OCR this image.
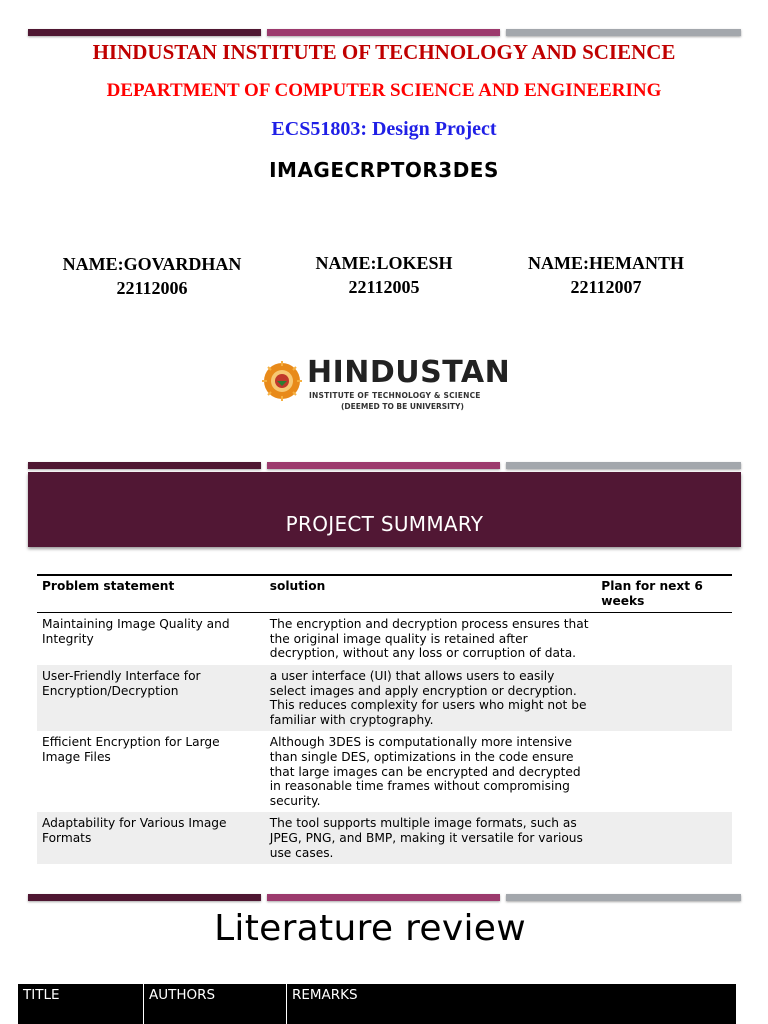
HINDUSTAN INSTITUTE OF TECHNOLOGY AND SCIENCE
DEPARTMENT OF COMPUTER SCIENCE AND ENGINEERING
ECS51803: Design Project
IMAGECRPTOR3DES
NAME:GOVARDHAN
22112006
NAME:LOKESH
22112005
NAME:HEMANTH
22112007
HINDUSTAN
INSTITUTE OF TECHNOLOGY & SCIENCE
(DEEMED TO BE UNIVERSITY)
PROJECT SUMMARY
Problem statement	solution	Plan for next 6 weeks
Maintaining Image Quality and Integrity	The encryption and decryption process ensures that the original image quality is retained after decryption, without any loss or corruption of data.	
User-Friendly Interface for Encryption/Decryption	a user interface (UI) that allows users to easily select images and apply encryption or decryption. This reduces complexity for users who might not be familiar with cryptography.	
Efficient Encryption for Large Image Files	Although 3DES is computationally more intensive than single DES, optimizations in the code ensure that large images can be encrypted and decrypted in reasonable time frames without compromising security.	
Adaptability for Various Image Formats	The tool supports multiple image formats, such as JPEG, PNG, and BMP, making it versatile for various use cases.	
Literature review
TITLE	AUTHORS	REMARKS
